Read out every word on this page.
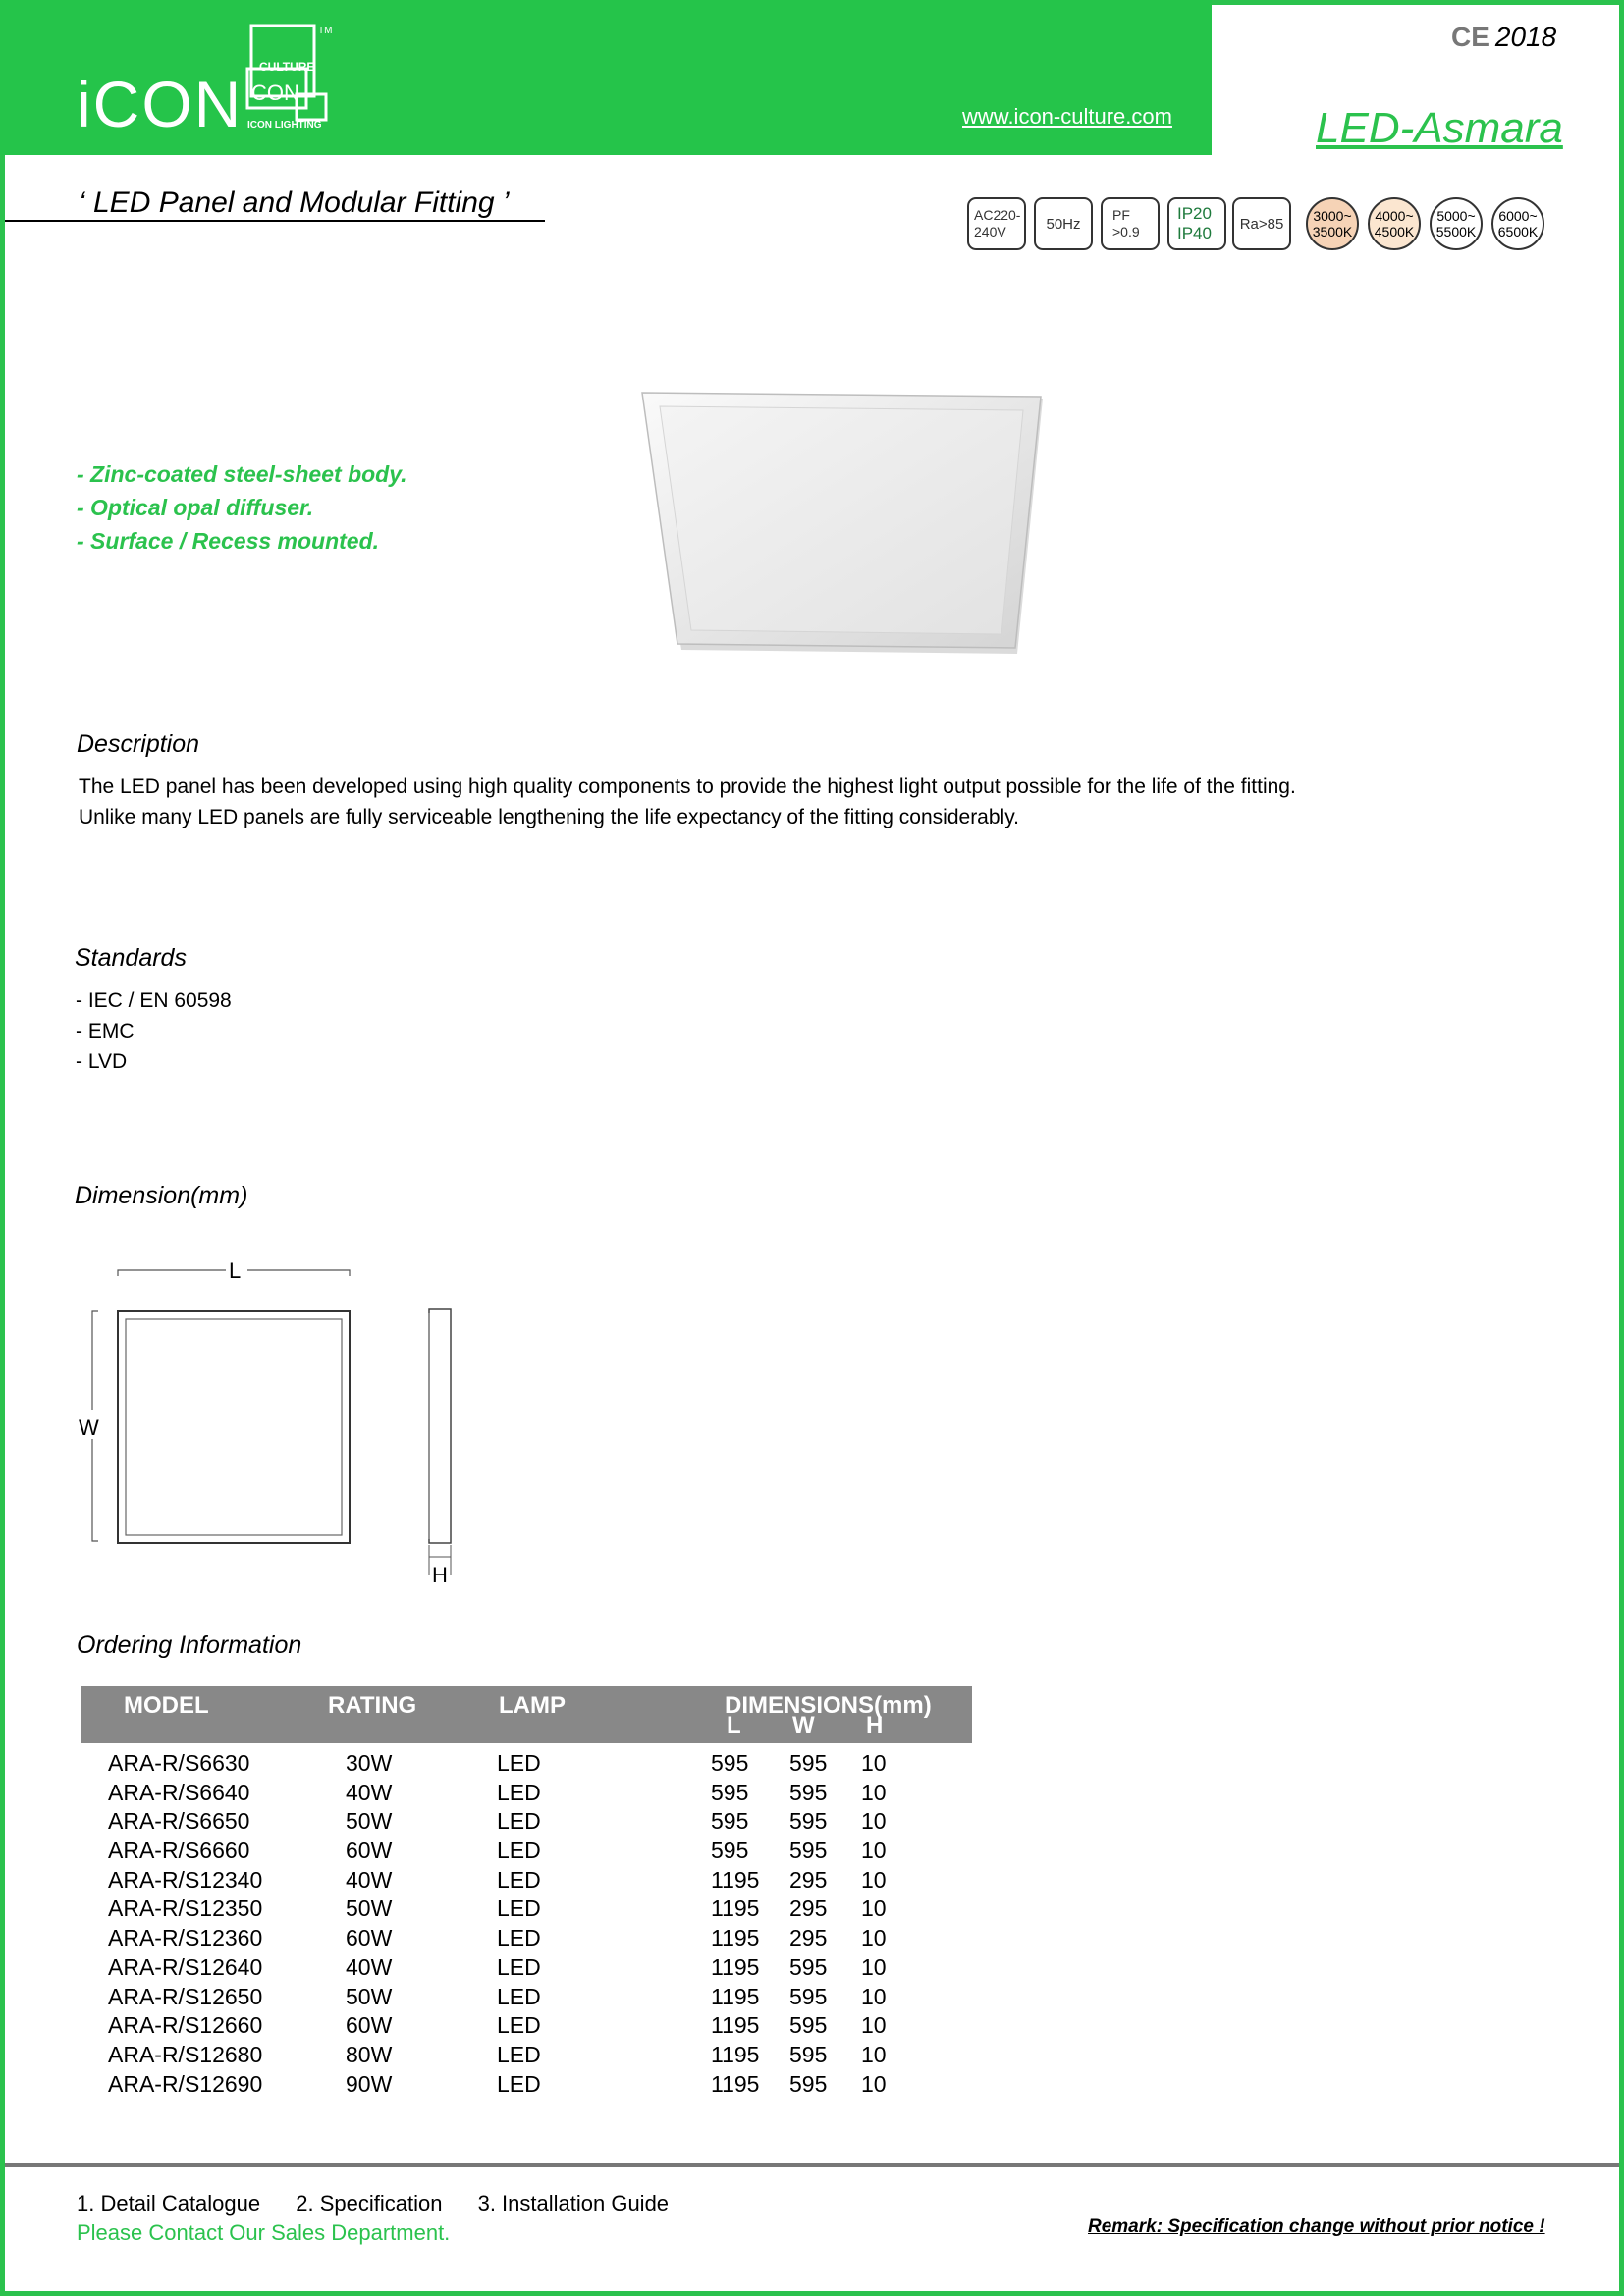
iCON
CULTURE
CON
TM
ICON LIGHTING	www.icon-culture.com
CE 2018
LED-Asmara
‘ LED Panel and Modular Fitting ’	AC220-
240V	50Hz
PF
>0.9
IP20
IP40	Ra>85 3000~
3500K
4000~
4500K
5000~
5500K
6000~
6500K
- Zinc-coated steel-sheet body.
- Optical opal diffuser.
- Surface / Recess mounted.
Description
The LED panel has been developed using high quality components to provide the highest light output possible for the life of the fitting.
Unlike many LED panels are fully serviceable lengthening the life expectancy of the fitting considerably.
Standards
- IEC / EN 60598
- EMC
- LVD
Dimension(mm)
L
W
H
Ordering Information
MODEL	RATING	LAMP	DIMENSIONS(mm)
L W H
ARA-R/S6630	30W	LED	595 595 10
ARA-R/S6640	40W	LED	595 595 10
ARA-R/S6650	50W	LED	595 595 10
ARA-R/S6660	60W	LED	595 595 10
ARA-R/S12340	40W	LED	1195 295 10
ARA-R/S12350	50W	LED	1195 295 10
ARA-R/S12360	60W	LED	1195 295 10
ARA-R/S12640	40W	LED	1195 595 10
ARA-R/S12650	50W	LED	1195 595 10
ARA-R/S12660	60W	LED	1195 595 10
ARA-R/S12680	80W	LED	1195 595 10
ARA-R/S12690	90W	LED	1195 595 10
1. Detail Catalogue 2. Specification 3. Installation Guide
Please Contact Our Sales Department.	Remark: Specification change without prior notice !
